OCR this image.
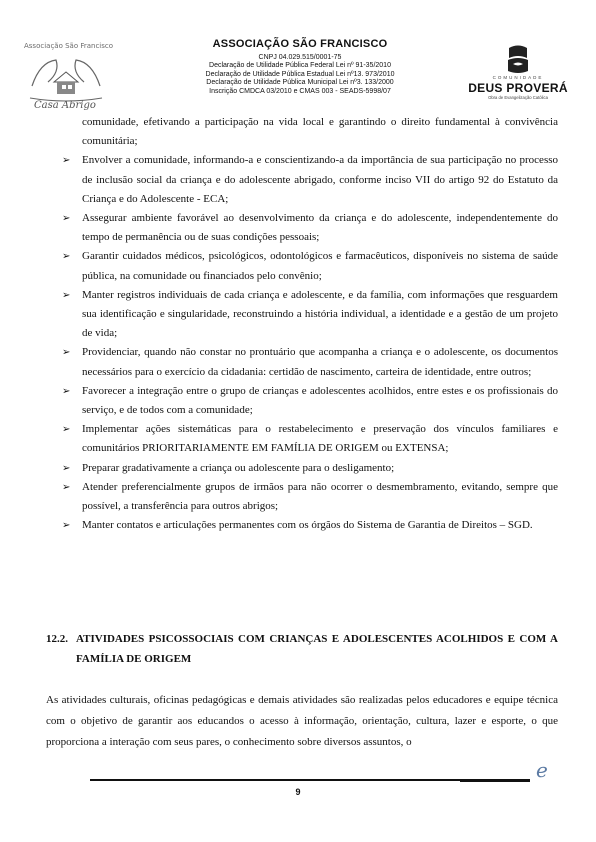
Associação São Francisco
Casa Abrigo
ASSOCIAÇÃO SÃO FRANCISCO
CNPJ 04.029.515/0001-75
Declaração de Utilidade Pública Federal Lei nº 91-35/2010
Declaração de Utilidade Pública Estadual Lei nº13. 973/2010
Declaração de Utilidade Pública Municipal Lei nº3. 133/2000
Inscrição CMDCA 03/2010 e CMAS 003 - SEADS-5998/07
COMUNIDADE
DEUS PROVERÁ
Obra de Evangelização Católica

comunidade, efetivando a participação na vida local e garantindo o direito fundamental à convivência comunitária;

➢ Envolver a comunidade, informando-a e conscientizando-a da importância de sua participação no processo de inclusão social da criança e do adolescente abrigado, conforme inciso VII do artigo 92 do Estatuto da Criança e do Adolescente - ECA;
➢ Assegurar ambiente favorável ao desenvolvimento da criança e do adolescente, independentemente do tempo de permanência ou de suas condições pessoais;
➢ Garantir cuidados médicos, psicológicos, odontológicos e farmacêuticos, disponíveis no sistema de saúde pública, na comunidade ou financiados pelo convênio;
➢ Manter registros individuais de cada criança e adolescente, e da família, com informações que resguardem sua identificação e singularidade, reconstruindo a história individual, a identidade e a gestão de um projeto de vida;
➢ Providenciar, quando não constar no prontuário que acompanha a criança e o adolescente, os documentos necessários para o exercício da cidadania: certidão de nascimento, carteira de identidade, entre outros;
➢ Favorecer a integração entre o grupo de crianças e adolescentes acolhidos, entre estes e os profissionais do serviço, e de todos com a comunidade;
➢ Implementar ações sistemáticas para o restabelecimento e preservação dos vínculos familiares e comunitários PRIORITARIAMENTE EM FAMÍLIA DE ORIGEM ou EXTENSA;
➢ Preparar gradativamente a criança ou adolescente para o desligamento;
➢ Atender preferencialmente grupos de irmãos para não ocorrer o desmembramento, evitando, sempre que possível, a transferência para outros abrigos;
➢ Manter contatos e articulações permanentes com os órgãos do Sistema de Garantia de Direitos – SGD.
12.2. ATIVIDADES PSICOSSOCIAIS COM CRIANÇAS E ADOLESCENTES ACOLHIDOS E COM A FAMÍLIA DE ORIGEM
As atividades culturais, oficinas pedagógicas e demais atividades são realizadas pelos educadores e equipe técnica com o objetivo de garantir aos educandos o acesso à informação, orientação, cultura, lazer e esporte, o que proporciona a interação com seus pares, o conhecimento sobre diversos assuntos, o
e
9
